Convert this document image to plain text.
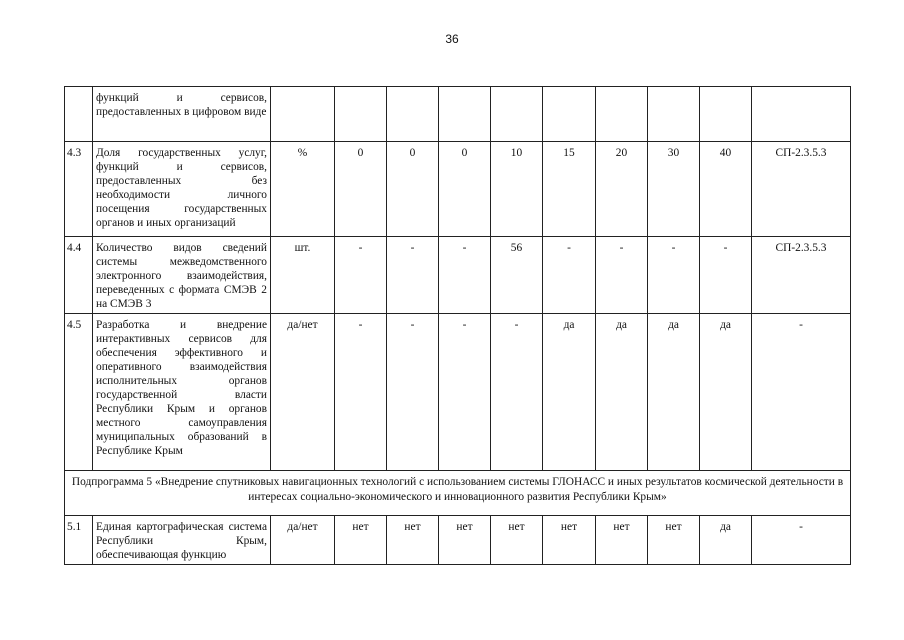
36

	функций и сервисов, предоставленных в цифровом виде										

4.3	Доля государственных услуг, функций и сервисов, предоставленных без необходимости личного посещения государственных органов и иных организаций	%	0	0	0	10	15	20	30	40	СП-2.3.5.3
4.4	Количество видов сведений системы межведомственного электронного взаимодействия, переведенных с формата СМЭВ 2 на СМЭВ 3	шт.	-	-	-	56	-	-	-	-	СП-2.3.5.3
4.5	Разработка и внедрение интерактивных сервисов для обеспечения эффективного и оперативного взаимодействия исполнительных органов государственной власти Республики Крым и органов местного самоуправления муниципальных образований в Республике Крым	да/нет	-	-	-	-	да	да	да	да	-
Подпрограмма 5 «Внедрение спутниковых навигационных технологий с использованием системы ГЛОНАСС и иных результатов космической деятельности в интересах социально-экономического и инновационного развития Республики Крым»											
5.1	Единая картографическая система Республики Крым, обеспечивающая функцию	да/нет	нет	нет	нет	нет	нет	нет	нет	да	-
